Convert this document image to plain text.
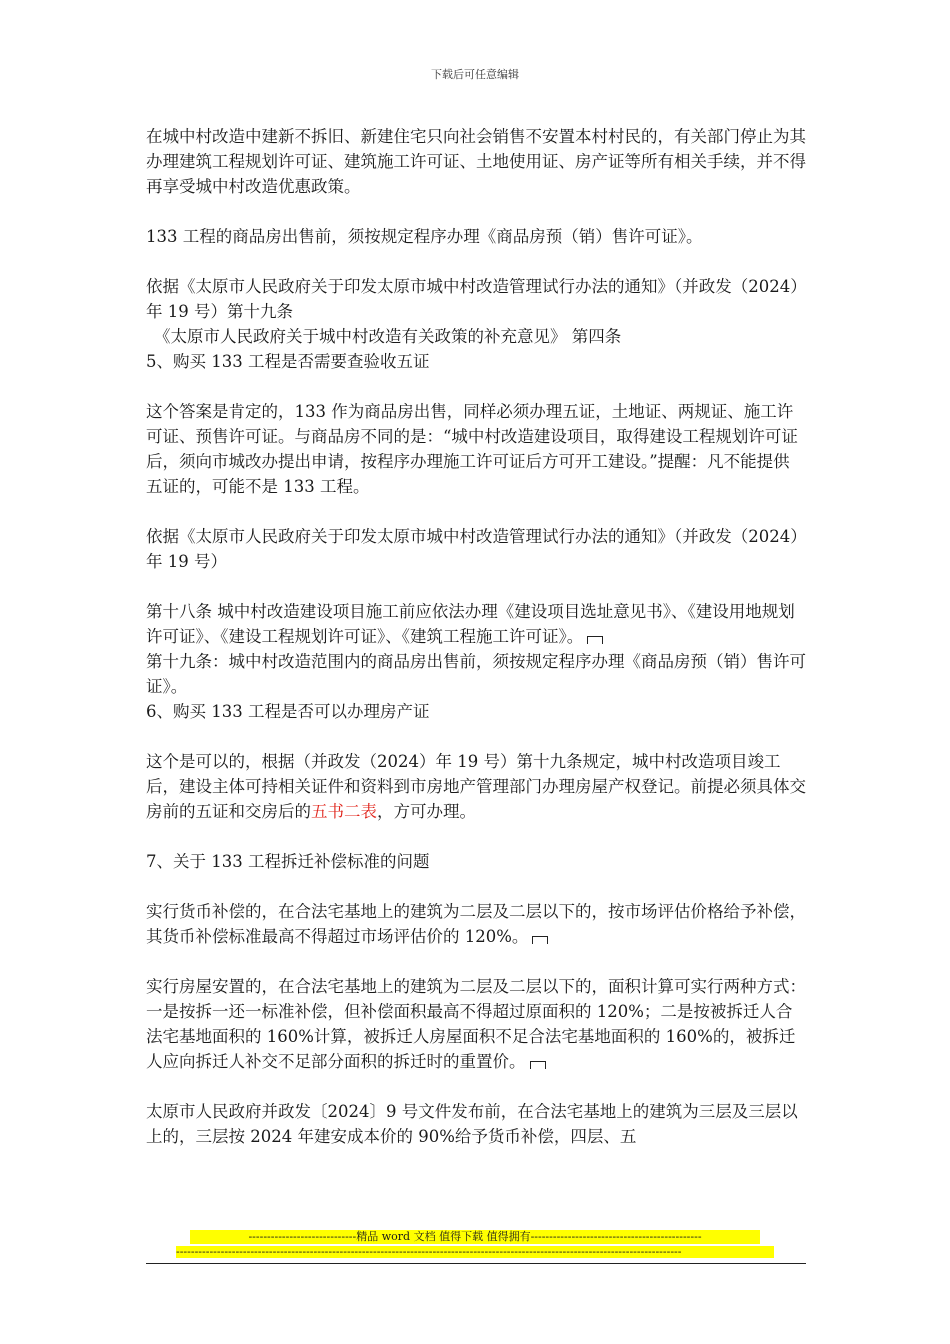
下载后可任意编辑

在城中村改造中建新不拆旧、新建住宅只向社会销售不安置本村村民的，有关部门停止为其办理建筑工程规划许可证、建筑施工许可证、土地使用证、房产证等所有相关手续，并不得再享受城中村改造优惠政策。

133 工程的商品房出售前，须按规定程序办理《商品房预（销）售许可证》。

依据《太原市人民政府关于印发太原市城中村改造管理试行办法的通知》（并政发（2024）年 19 号）第十九条

《太原市人民政府关于城中村改造有关政策的补充意见》 第四条

5、购买 133 工程是否需要查验收五证

这个答案是肯定的，133 作为商品房出售，同样必须办理五证，土地证、两规证、施工许可证、预售许可证。与商品房不同的是：“城中村改造建设项目，取得建设工程规划许可证后，须向市城改办提出申请，按程序办理施工许可证后方可开工建设。”提醒：凡不能提供五证的，可能不是 133 工程。

依据《太原市人民政府关于印发太原市城中村改造管理试行办法的通知》（并政发（2024）年 19 号）

第十八条 城中村改造建设项目施工前应依法办理《建设项目选址意见书》、《建设用地规划许可证》、《建设工程规划许可证》、《建筑工程施工许可证》。

第十九条：城中村改造范围内的商品房出售前，须按规定程序办理《商品房预（销）售许可证》。

6、购买 133 工程是否可以办理房产证

这个是可以的，根据（并政发（2024）年 19 号）第十九条规定，城中村改造项目竣工后，建设主体可持相关证件和资料到市房地产管理部门办理房屋产权登记。前提必须具体交房前的五证和交房后的五书二表，方可办理。

7、关于 133 工程拆迁补偿标准的问题

实行货币补偿的，在合法宅基地上的建筑为二层及二层以下的，按市场评估价格给予补偿，其货币补偿标准最高不得超过市场评估价的 120%。

实行房屋安置的，在合法宅基地上的建筑为二层及二层以下的，面积计算可实行两种方式：一是按拆一还一标准补偿，但补偿面积最高不得超过原面积的 120%；二是按被拆迁人合法宅基地面积的 160%计算，被拆迁人房屋面积不足合法宅基地面积的 160%的，被拆迁人应向拆迁人补交不足部分面积的拆迁时的重置价。

太原市人民政府并政发〔2024〕9 号文件发布前，在合法宅基地上的建筑为三层及三层以上的，三层按 2024 年建安成本价的 90%给予货币补偿，四层、五

-----------------------------精品 word 文档 值得下载 值得拥有----------------------------------------------
----------------------------------------------------------------------------------------------------------------------------------------
